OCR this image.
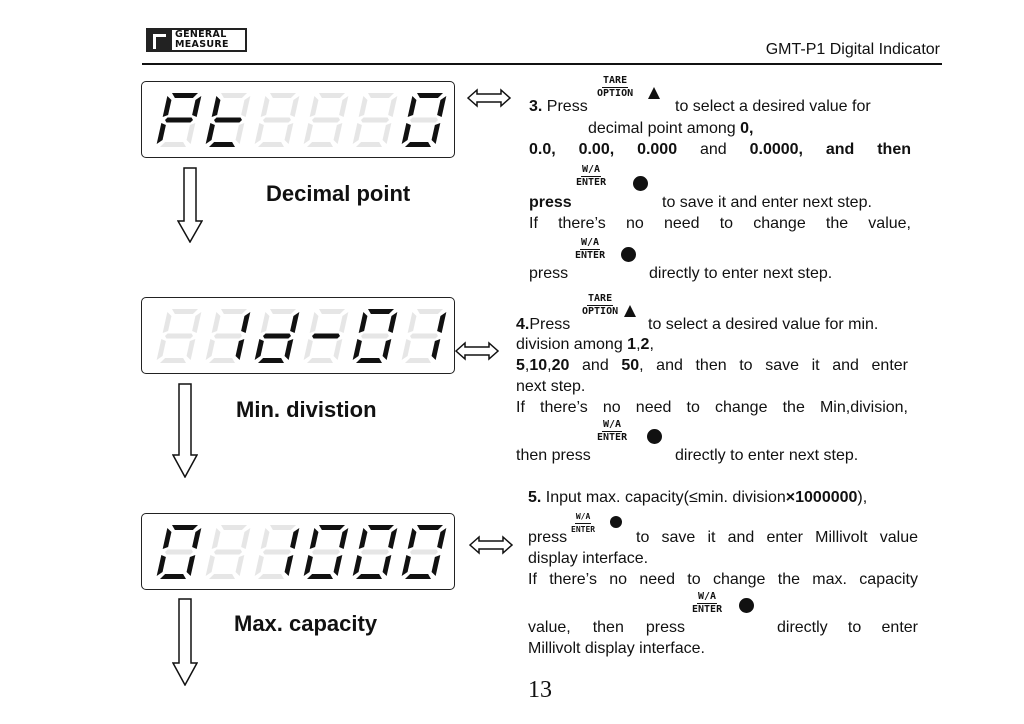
GENERAL
MEASURE	GMT-P1 Digital Indicator
Decimal point
Min. divistion
Max. capacity
3. Press
TARE
OPTION
to select a desired value for
decimal point among 0,
0.0, 0.00, 0.000 and 0.0000, and then
press
W/A
ENTER
to save it and enter next step.
If there’s no need to change the value,
press
W/A
ENTER
directly to enter next step.
4.Press
TARE
OPTION
to select a desired value for min.
division among 1,2,
5,10,20 and 50, and then to save it and enter
next step.
If there’s no need to change the Min,division,
then press
W/A
ENTER
directly to enter next step.
5. Input max. capacity(≤min. division×1000000),
press
W/A
ENTER	to save it and enter Millivolt value
display interface.
If there’s no need to change the max. capacity
value, then press
W/A
ENTER
directly to enter
Millivolt display interface.
13
